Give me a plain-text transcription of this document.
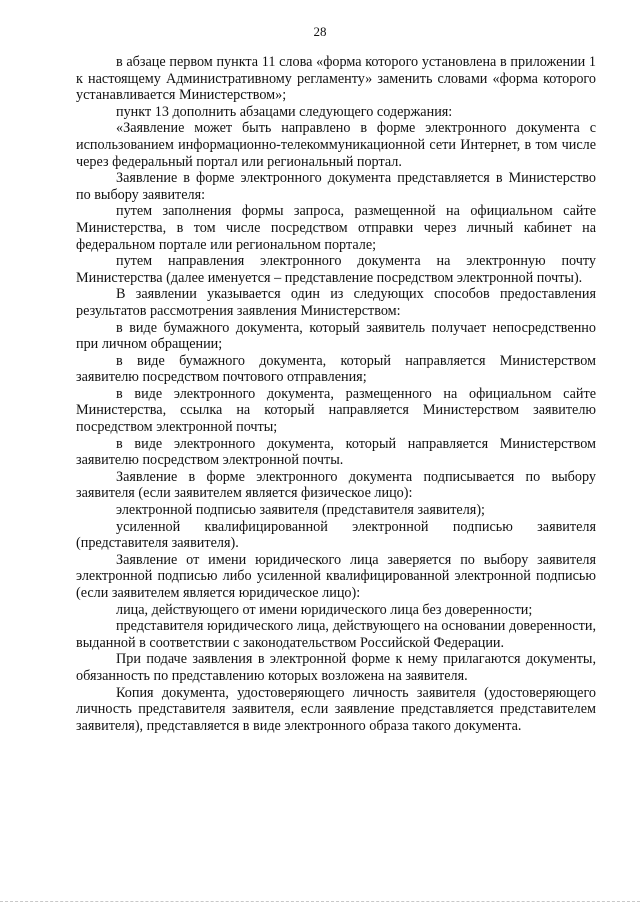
28

в абзаце первом пункта 11 слова «форма которого установлена в приложении 1 к настоящему Административному регламенту» заменить словами «форма которого устанавливается Министерством»;

пункт 13 дополнить абзацами следующего содержания:

«Заявление может быть направлено в форме электронного документа с использованием информационно-телекоммуникационной сети Интернет, в том числе через федеральный портал или региональный портал.

Заявление в форме электронного документа представляется в Министерство по выбору заявителя:

путем заполнения формы запроса, размещенной на официальном сайте Министерства, в том числе посредством отправки через личный кабинет на федеральном портале или региональном портале;

путем направления электронного документа на электронную почту Министерства (далее именуется – представление посредством электронной почты).

В заявлении указывается один из следующих способов предоставления результатов рассмотрения заявления Министерством:

в виде бумажного документа, который заявитель получает непосредственно при личном обращении;

в виде бумажного документа, который направляется Министерством заявителю посредством почтового отправления;

в виде электронного документа, размещенного на официальном сайте Министерства, ссылка на который направляется Министерством заявителю посредством электронной почты;

в виде электронного документа, который направляется Министерством заявителю посредством электронной почты.

Заявление в форме электронного документа подписывается по выбору заявителя (если заявителем является физическое лицо):

электронной подписью заявителя (представителя заявителя);

усиленной квалифицированной электронной подписью заявителя (представителя заявителя).

Заявление от имени юридического лица заверяется по выбору заявителя электронной подписью либо усиленной квалифицированной электронной подписью (если заявителем является юридическое лицо):

лица, действующего от имени юридического лица без доверенности;

представителя юридического лица, действующего на основании доверенности, выданной в соответствии с законодательством Российской Федерации.

При подаче заявления в электронной форме к нему прилагаются документы, обязанность по представлению которых возложена на заявителя.

Копия документа, удостоверяющего личность заявителя (удостоверяющего личность представителя заявителя, если заявление представляется представителем заявителя), представляется в виде электронного образа такого документа.
